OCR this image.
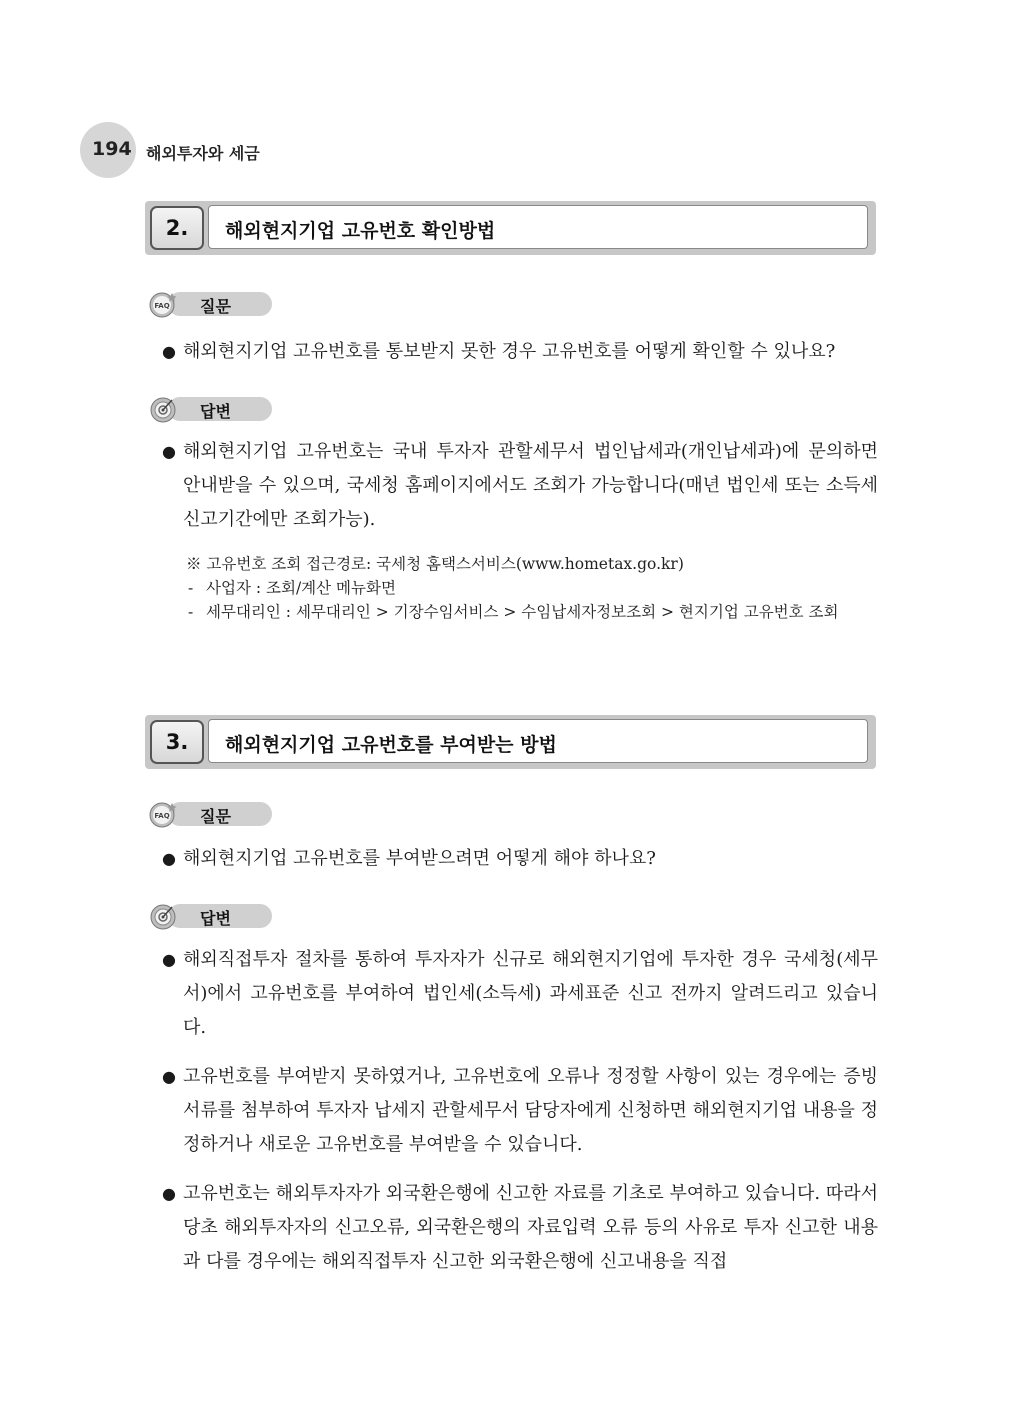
194 해외투자와 세금
2.	해외현지기업 고유번호 확인방법
FAQ 질문
● 해외현지기업 고유번호를 통보받지 못한 경우 고유번호를 어떻게 확인할 수 있나요?
답변
● 해외현지기업 고유번호는 국내 투자자 관할세무서 법인납세과(개인납세과)에 문의하면 안내받을 수 있으며, 국세청 홈페이지에서도 조회가 가능합니다(매년 법인세 또는 소득세 신고기간에만 조회가능).
※ 고유번호 조회 접근경로: 국세청 홈택스서비스(www.hometax.go.kr)
- 사업자 : 조회/계산 메뉴화면
- 세무대리인 : 세무대리인 > 기장수임서비스 > 수임납세자정보조회 > 현지기업 고유번호 조회
3.	해외현지기업 고유번호를 부여받는 방법
FAQ 질문
● 해외현지기업 고유번호를 부여받으려면 어떻게 해야 하나요?
답변
● 해외직접투자 절차를 통하여 투자자가 신규로 해외현지기업에 투자한 경우 국세청(세무서)에서 고유번호를 부여하여 법인세(소득세) 과세표준 신고 전까지 알려드리고 있습니다.
● 고유번호를 부여받지 못하였거나, 고유번호에 오류나 정정할 사항이 있는 경우에는 증빙서류를 첨부하여 투자자 납세지 관할세무서 담당자에게 신청하면 해외현지기업 내용을 정정하거나 새로운 고유번호를 부여받을 수 있습니다.
● 고유번호는 해외투자자가 외국환은행에 신고한 자료를 기초로 부여하고 있습니다. 따라서 당초 해외투자자의 신고오류, 외국환은행의 자료입력 오류 등의 사유로 투자 신고한 내용과 다를 경우에는 해외직접투자 신고한 외국환은행에 신고내용을 직접
